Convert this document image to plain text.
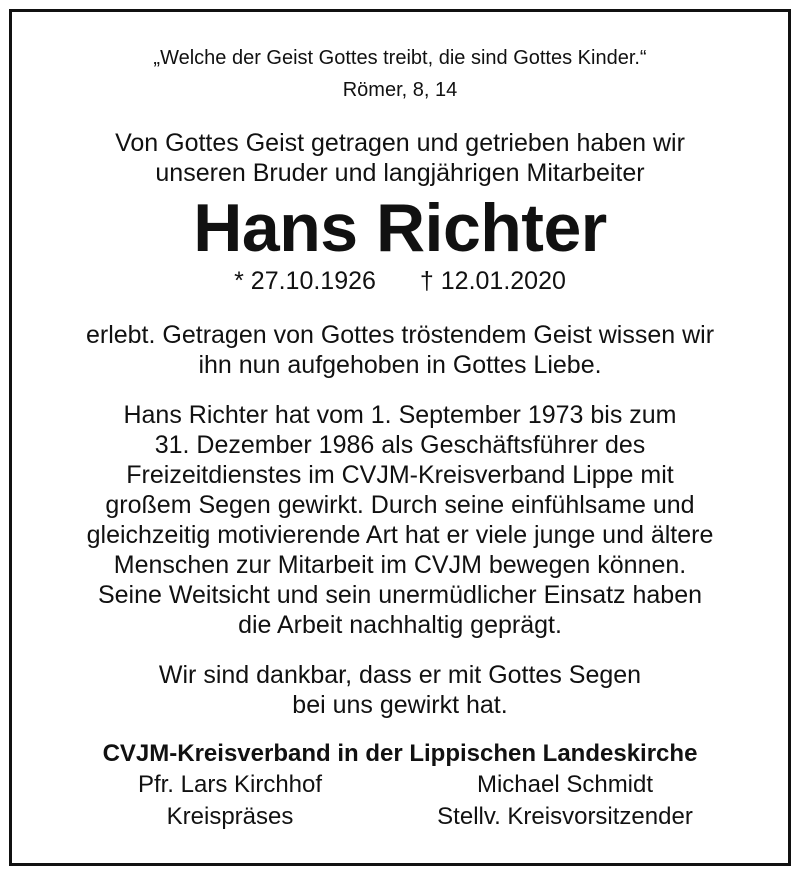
„Welche der Geist Gottes treibt, die sind Gottes Kinder.“
Römer, 8, 14
Von Gottes Geist getragen und getrieben haben wir
unseren Bruder und langjährigen Mitarbeiter
Hans Richter
* 27.10.1926 † 12.01.2020
erlebt. Getragen von Gottes tröstendem Geist wissen wir
ihn nun aufgehoben in Gottes Liebe.
Hans Richter hat vom 1. September 1973 bis zum
31. Dezember 1986 als Geschäftsführer des
Freizeitdienstes im CVJM-Kreisverband Lippe mit
großem Segen gewirkt. Durch seine einfühlsame und
gleichzeitig motivierende Art hat er viele junge und ältere
Menschen zur Mitarbeit im CVJM bewegen können.
Seine Weitsicht und sein unermüdlicher Einsatz haben
die Arbeit nachhaltig geprägt.
Wir sind dankbar, dass er mit Gottes Segen
bei uns gewirkt hat.
CVJM-Kreisverband in der Lippischen Landeskirche
Pfr. Lars Kirchhof
Kreispräses
Michael Schmidt
Stellv. Kreisvorsitzender
